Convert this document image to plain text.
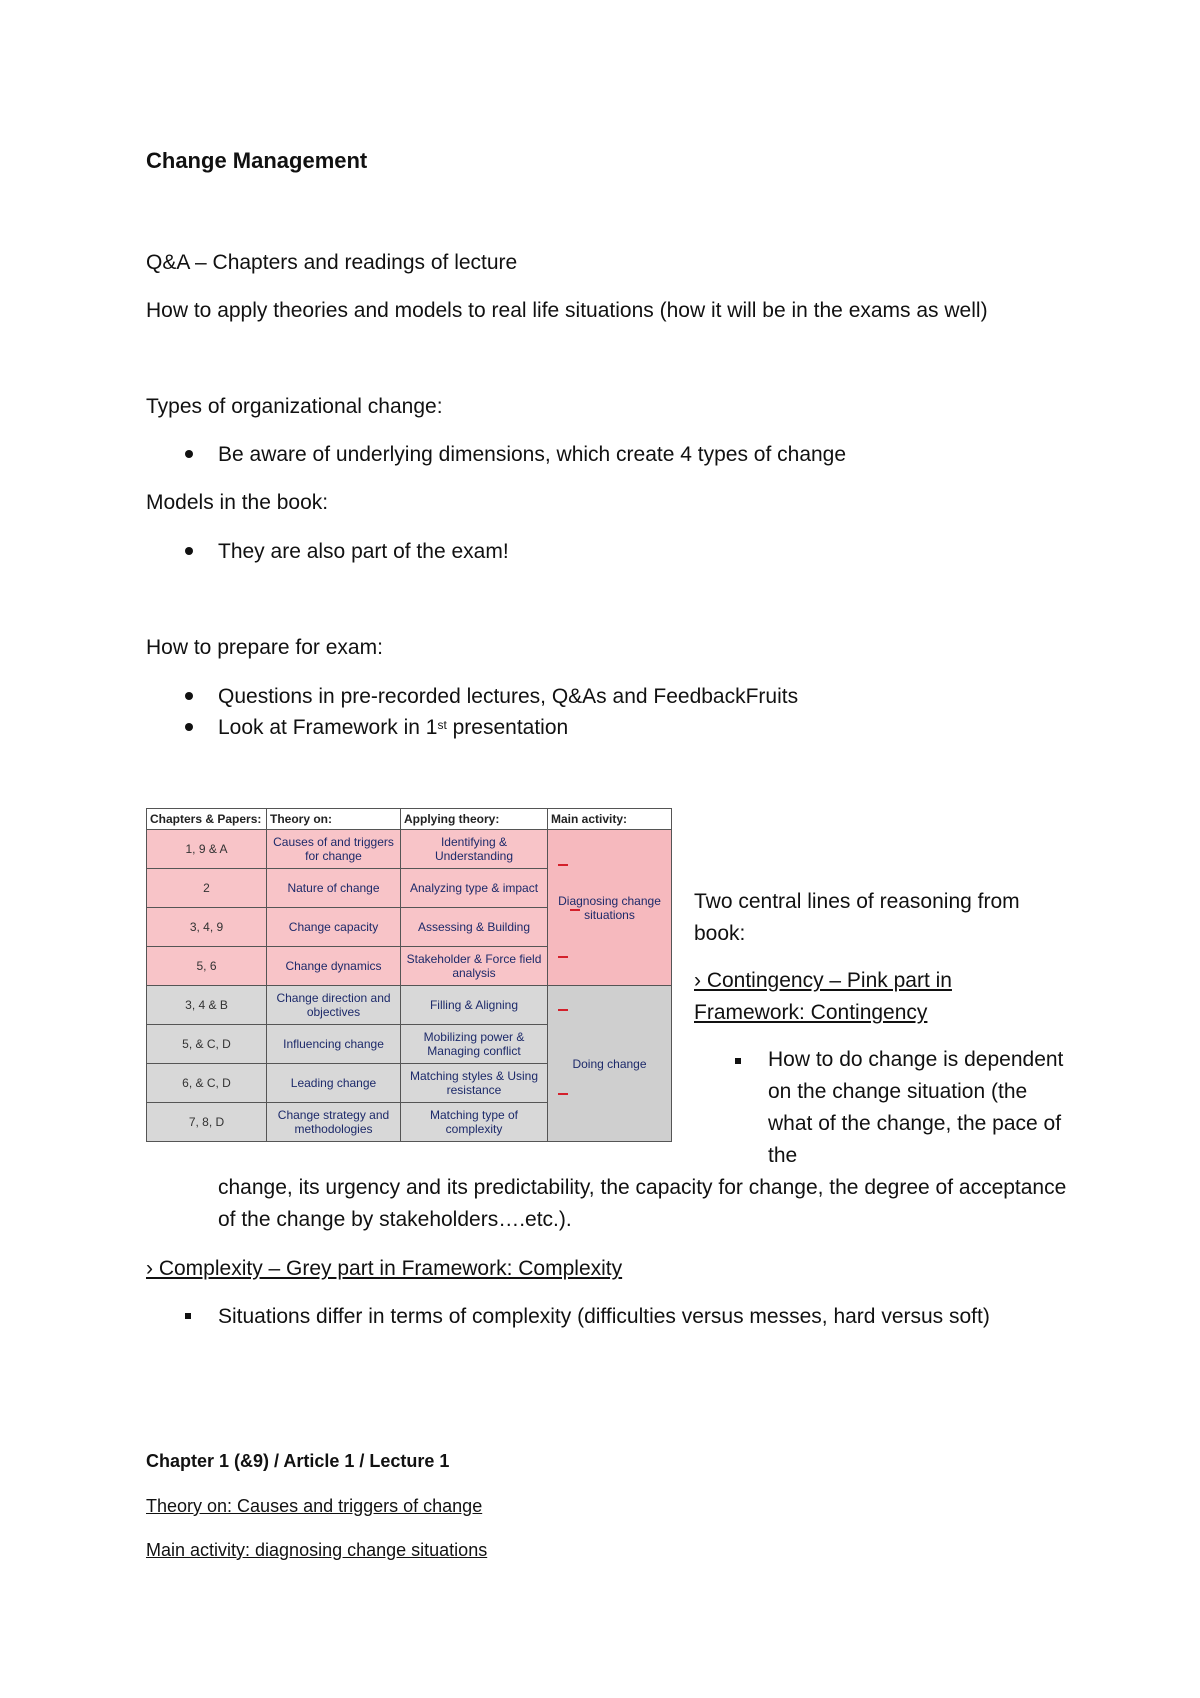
Change Management
Q&A – Chapters and readings of lecture
How to apply theories and models to real life situations (how it will be in the exams as well)
Types of organizational change:
Be aware of underlying dimensions, which create 4 types of change
Models in the book:
They are also part of the exam!
How to prepare for exam:
Questions in pre-recorded lectures, Q&As and FeedbackFruits
Look at Framework in 1st presentation
Chapters & Papers:	Theory on:	Applying theory:	Main activity:
1, 9 & A	Causes of and triggers for change	Identifying & Understanding	Diagnosing change situations
2	Nature of change	Analyzing type & impact	
3, 4, 9	Change capacity	Assessing & Building	
5, 6	Change dynamics	Stakeholder & Force field analysis	
3, 4 & B	Change direction and objectives	Filling & Aligning	Doing change
5, & C, D	Influencing change	Mobilizing power & Managing conflict	
6, & C, D	Leading change	Matching styles & Using resistance	
7, 8, D	Change strategy and methodologies	Matching type of complexity	
Two central lines of reasoning from book:
› Contingency – Pink part in Framework: Contingency
How to do change is dependent on the change situation (the what of the change, the pace of the
change, its urgency and its predictability, the capacity for change, the degree of acceptance of the change by stakeholders….etc.).
› Complexity – Grey part in Framework: Complexity
Situations differ in terms of complexity (difficulties versus messes, hard versus soft)
Chapter 1 (&9) / Article 1 / Lecture 1
Theory on: Causes and triggers of change
Main activity: diagnosing change situations
